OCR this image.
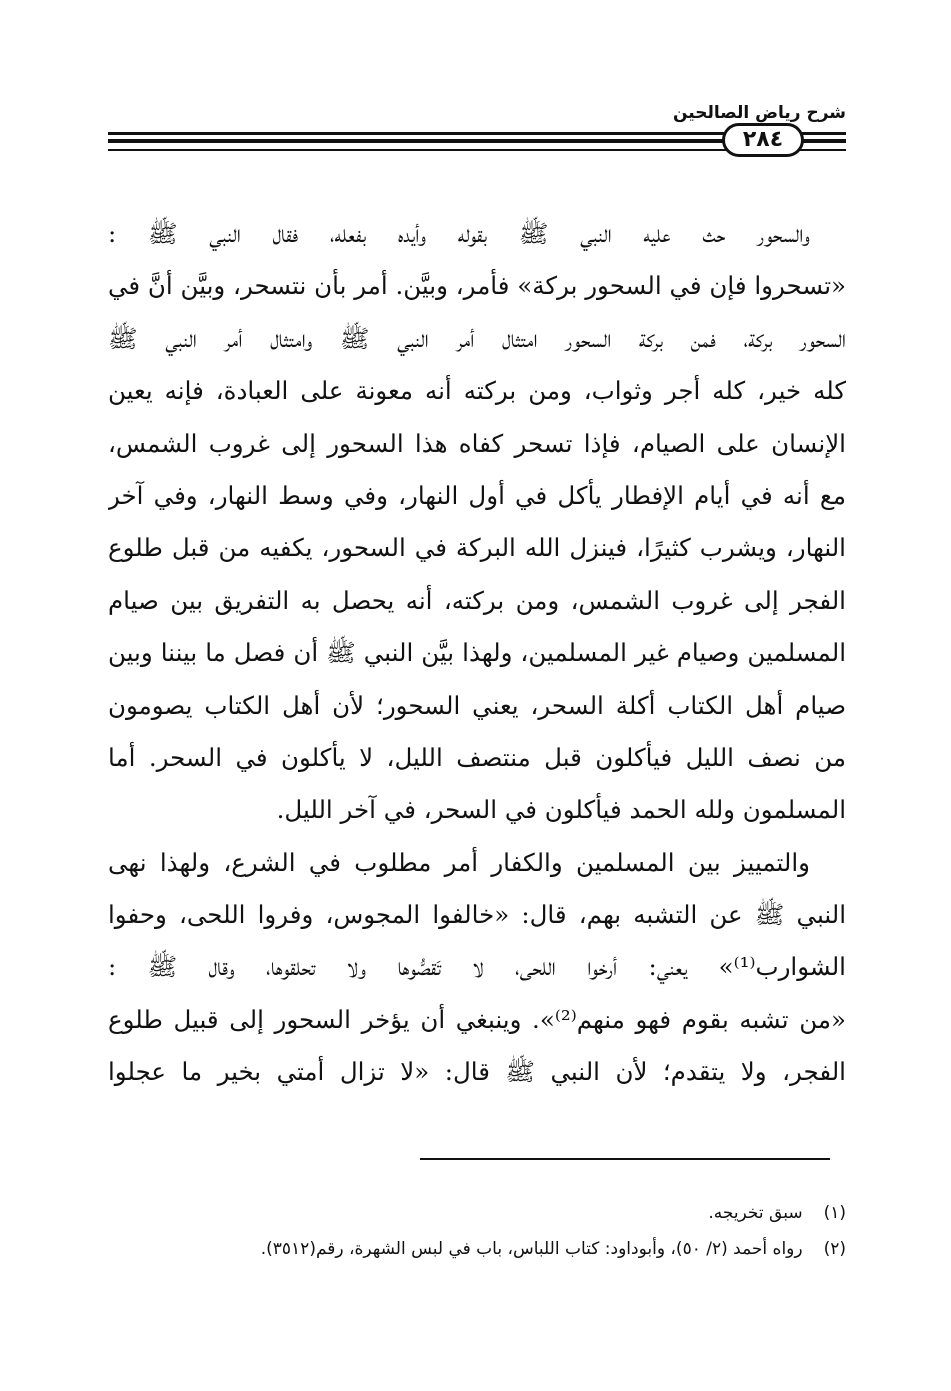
شرح رياض الصالحين
٢٨٤
والسحور حث عليه النبي ﷺ بقوله وأيده بفعله، فقال النبي ﷺ :
«تسحروا فإن في السحور بركة» فأمر، وبيَّن. أمر بأن نتسحر، وبيَّن أنَّ في
السحور بركة، فمن بركة السحور امتثال أمر النبي ﷺ وامتثال أمر النبي ﷺ
كله خير، كله أجر وثواب، ومن بركته أنه معونة على العبادة، فإنه يعين
الإنسان على الصيام، فإذا تسحر كفاه هذا السحور إلى غروب الشمس،
مع أنه في أيام الإفطار يأكل في أول النهار، وفي وسط النهار، وفي آخر
النهار، ويشرب كثيرًا، فينزل الله البركة في السحور، يكفيه من قبل طلوع
الفجر إلى غروب الشمس، ومن بركته، أنه يحصل به التفريق بين صيام
المسلمين وصيام غير المسلمين، ولهذا بيَّن النبي ﷺ أن فصل ما بيننا وبين
صيام أهل الكتاب أكلة السحر، يعني السحور؛ لأن أهل الكتاب يصومون
من نصف الليل فيأكلون قبل منتصف الليل، لا يأكلون في السحر. أما
المسلمون ولله الحمد فيأكلون في السحر، في آخر الليل.
والتمييز بين المسلمين والكفار أمر مطلوب في الشرع، ولهذا نهى
النبي ﷺ عن التشبه بهم، قال: «خالفوا المجوس، وفروا اللحى، وحفوا
الشوارب⁽¹⁾» يعني: أرخوا اللحى، لا تَقصُّوها ولا تحلقوها، وقال ﷺ :
«من تشبه بقوم فهو منهم⁽²⁾». وينبغي أن يؤخر السحور إلى قبيل طلوع
الفجر، ولا يتقدم؛ لأن النبي ﷺ قال: «لا تزال أمتي بخير ما عجلوا
(١) سبق تخريجه.
(٢) رواه أحمد (٢/ ٥٠)، وأبوداود: كتاب اللباس، باب في لبس الشهرة، رقم(٣٥١٢).
